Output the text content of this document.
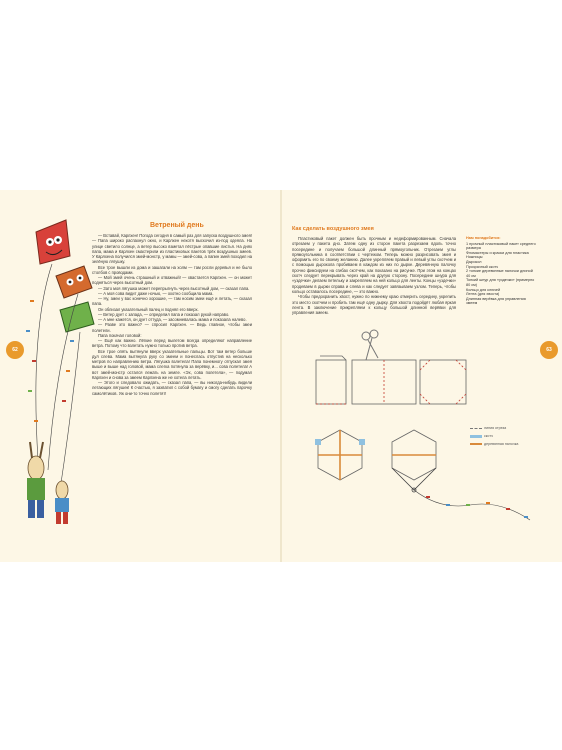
62	63
Ветреный день

— Вставай, Карлхен! Погода сегодня в самый раз для запуска воздушного змея! — Папа широко распахнул окно, и Карлхен нехотя выскочил из-под одеяла. На улице светило солнце, а ветер высоко взметал пёстрые опавшие листья. На днях папа, мама и Карлхен смастерили из пластиковых пакетов трёх воздушных змеев. У Карлхена получился змей-монстр, у мамы — змей-сова, а папин змей походил на зелёную лягушку.

Все трое вышли из дома и зашагали на холм — там росли деревья и не было столбов с проводами.

— Мой змей очень страшный и отважный! — хвастается Карлхен. — он может подняться через высотный дом.

— Зато моя лягушка может перепрыгнуть через высотный дом, — сказал папа.

— А моя сова видит даже ночью, — охотно сообщила мама.

— Ну, змеи у вас конечно хорошие, — там носим змеи ещё и летать, — сказал папа.

Он облизал указательный палец и поднял его вверх.

— Ветер дует с запада, — определил папа и показал рукой направо.

— А мне кажется, он дует оттуда, — засомневалась мама и показала налево.

— Разве это важно? — спросил Карлхен. — Ведь главное, чтобы змеи полетели.

Папа покачал головой:

— Ещё как важно. Лёгкие перед вылетом всегда определяют направление ветра. Потому что взлетать нужно только против ветра.

Все трое опять вытянули вверх указательные пальцы. Вот там ветер больше дул слева. Мама вытянула руку со змеем и понеслась отпустив на несколько метров по направлению ветра. Лягушка взлетела! Папа понемногу отпускал змея выше и выше над головой, мама слегка потянула за верёвку, и... сова полетела! А вот змей-монстр остался лежать на земле. «Эх, сова полетела», — подумал Карлхен и снова за змеем Карлхена же не хотела летать.

— Этого и следовало ожидать, — сказал папа, — вы никогда-нибудь видели летающих лягушек! К счастью, я захватил с собой бумагу и смогу сделать парочку самолётиков. Уж они-то точно полетят!

Как сделать воздушного змея

Пластиковый пакет должен быть прочным и недеформированным. Сначала отрезаем у пакета дно. Затем одну из сторон пакета разрезаем вдоль точно посередине и получаем большой длинный прямоугольник. Отрезаем углы прямоугольника в соответствии с чертежом. Теперь можно разрисовать змея и оформить его по своему желанию. Далее укрепляем правый и левый углы скотчем и с помощью дырокола пробиваем в каждом из них по дырке. Деревянную палочку прочно фиксируем на сгибах скотчем, как показано на рисунке. При этом на концах скотч следует перекрывать через край на другую сторону. Посередине шнура для «уздечки» делаем петельку и закрепляем на ней кольцо для ленты. Концы «уздечки» продеваем в дырки справа и слева и как следует завязываем узлом. Теперь, чтобы кольцо оставалось посередине, — это важно.

Чтобы предохранить хвост, нужно по нижнему краю отмерить середину, укрепить это место скотчем и пробить там ещё одну дырку. Для хвоста подойдёт любая яркая лента. В заключение прикрепляем к кольцу большой длинной верёвки для управления змеем.

Нам понадобится:
1 прочный пластиковый пакет среднего размера
Фломастеры и краски для пластика
Ножницы
Дырокол
Прозрачный скотч
2 тонкие деревянные палочки длиной 40 см
Тонкий шнур для «уздечки» (примерно 80 см)
Кольцо для ключей
Лента (для хвоста)
Длинная верёвка для управления змеем
линия отреза
скотч
деревянная палочка
